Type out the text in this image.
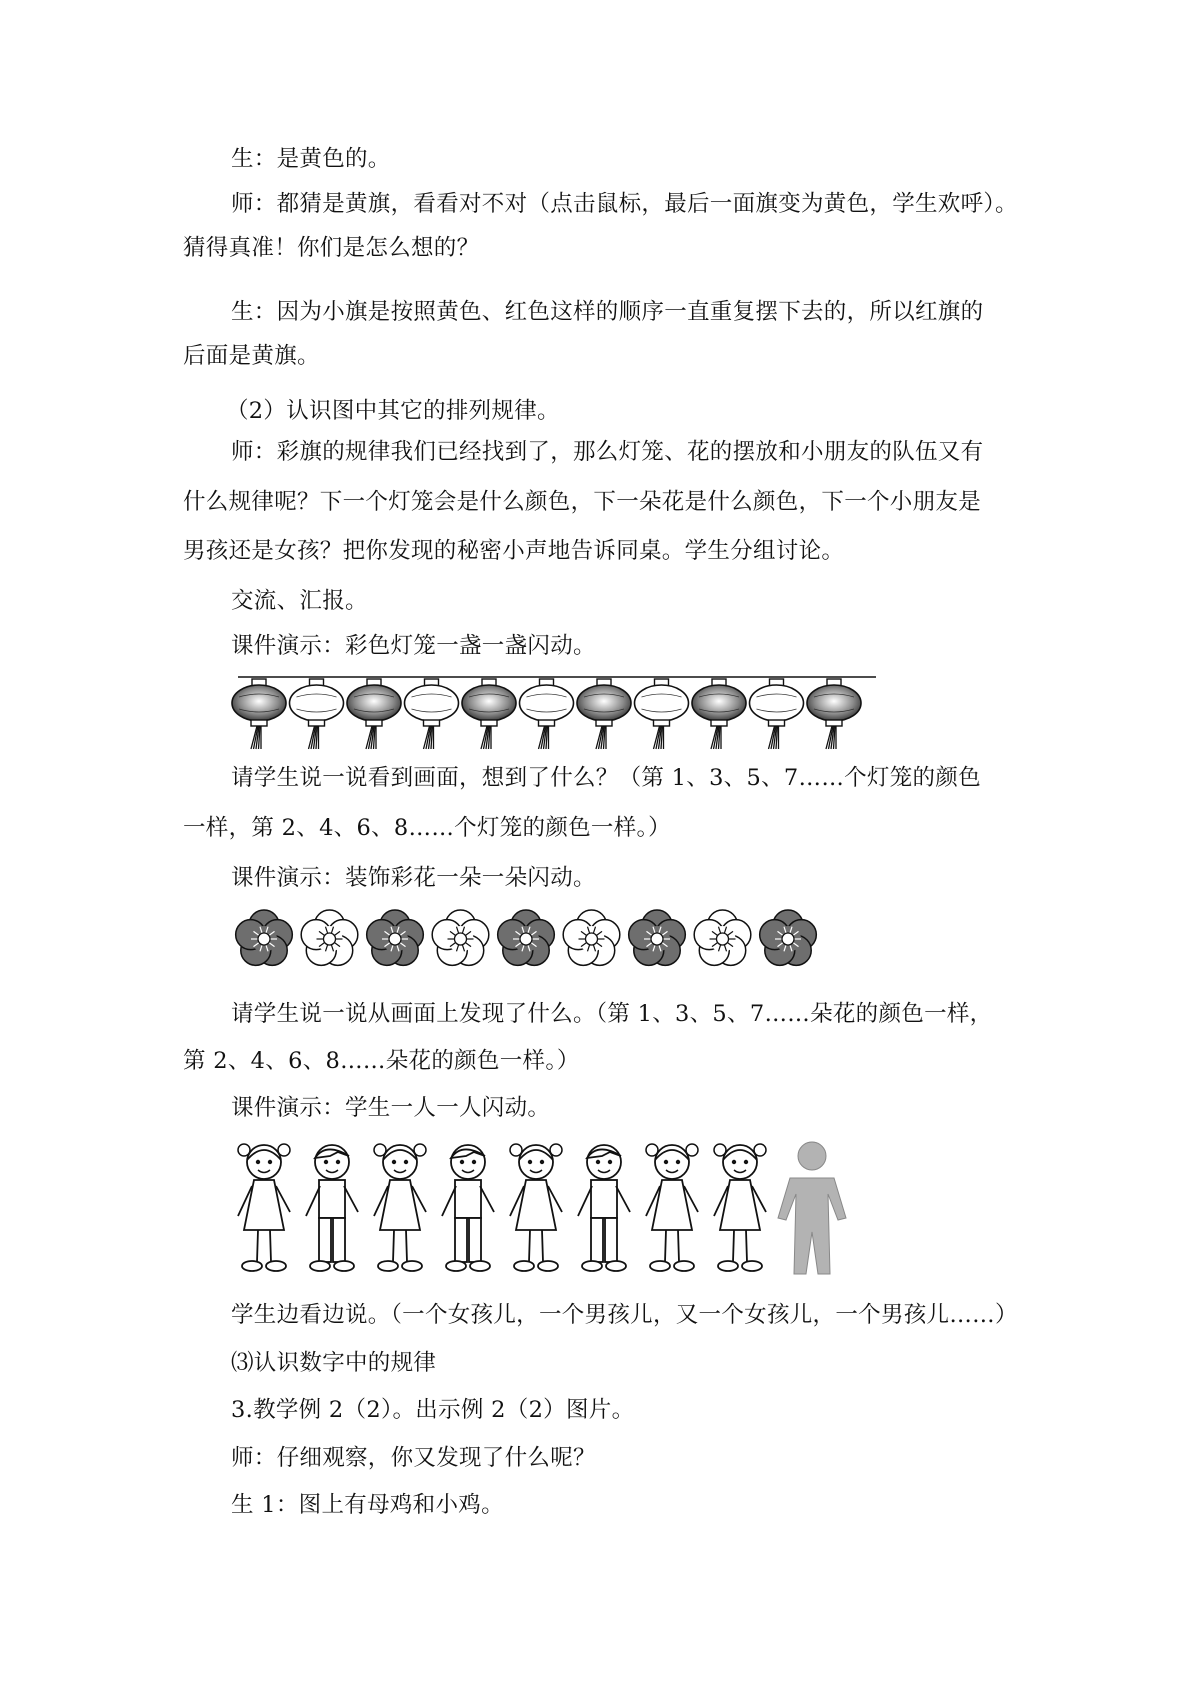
生：是黄色的。
师：都猜是黄旗，看看对不对（点击鼠标，最后一面旗变为黄色，学生欢呼）。
猜得真准！你们是怎么想的？
生：因为小旗是按照黄色、红色这样的顺序一直重复摆下去的，所以红旗的
后面是黄旗。
（2）认识图中其它的排列规律。
师：彩旗的规律我们已经找到了，那么灯笼、花的摆放和小朋友的队伍又有
什么规律呢？下一个灯笼会是什么颜色，下一朵花是什么颜色，下一个小朋友是
男孩还是女孩？把你发现的秘密小声地告诉同桌。学生分组讨论。
交流、汇报。
课件演示：彩色灯笼一盏一盏闪动。
请学生说一说看到画面，想到了什么？（第 1、3、5、7……个灯笼的颜色
一样，第 2、4、6、8……个灯笼的颜色一样。）
课件演示：装饰彩花一朵一朵闪动。
请学生说一说从画面上发现了什么。（第 1、3、5、7……朵花的颜色一样，
第 2、4、6、8……朵花的颜色一样。）
课件演示：学生一人一人闪动。
学生边看边说。（一个女孩儿，一个男孩儿，又一个女孩儿，一个男孩儿……）
⑶认识数字中的规律
3.教学例 2（2）。出示例 2（2）图片。
师：仔细观察，你又发现了什么呢？
生 1：图上有母鸡和小鸡。
